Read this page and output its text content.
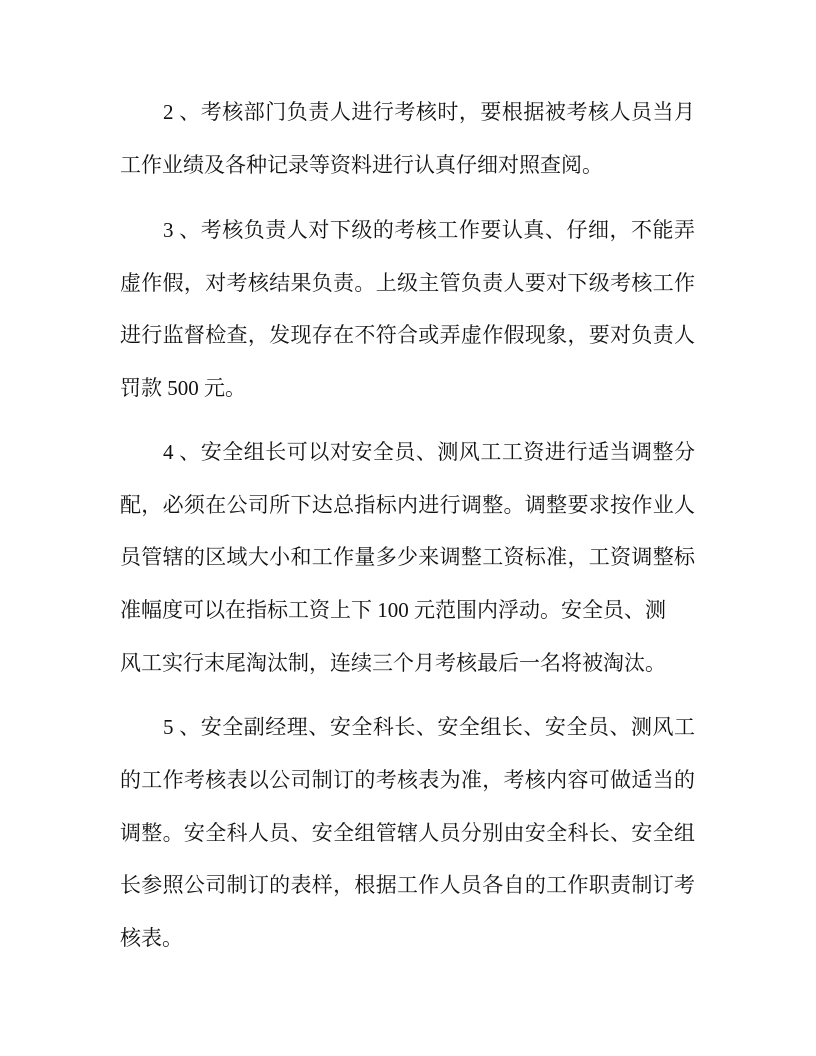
2 、考核部门负责人进行考核时，要根据被考核人员当月
工作业绩及各种记录等资料进行认真仔细对照查阅。
3 、考核负责人对下级的考核工作要认真、仔细，不能弄
虚作假，对考核结果负责。上级主管负责人要对下级考核工作
进行监督检查，发现存在不符合或弄虚作假现象，要对负责人
罚款 500 元。
4 、安全组长可以对安全员、测风工工资进行适当调整分
配，必须在公司所下达总指标内进行调整。调整要求按作业人
员管辖的区域大小和工作量多少来调整工资标准，工资调整标
准幅度可以在指标工资上下 100 元范围内浮动。安全员、测
风工实行末尾淘汰制，连续三个月考核最后一名将被淘汰。
5 、安全副经理、安全科长、安全组长、安全员、测风工
的工作考核表以公司制订的考核表为准，考核内容可做适当的
调整。安全科人员、安全组管辖人员分别由安全科长、安全组
长参照公司制订的表样，根据工作人员各自的工作职责制订考
核表。
